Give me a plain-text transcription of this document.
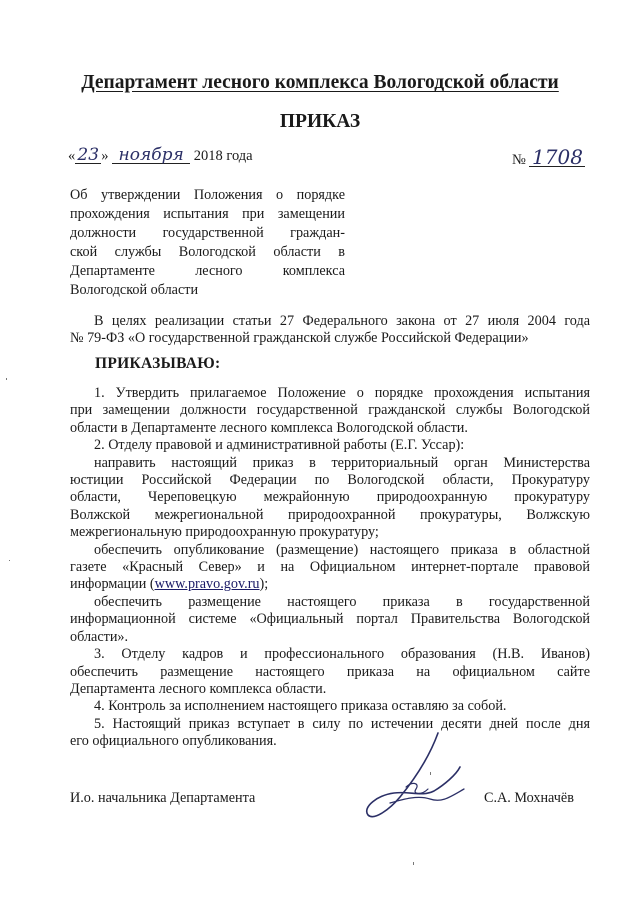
Департамент лесного комплекса Вологодской области
ПРИКАЗ
« 23 » ноября 2018 года	№ 1708
Об утверждении Положения о порядке
прохождения испытания при замещении
должности государственной граждан-
ской службы Вологодской области в
Департаменте лесного комплекса
Вологодской области
В целях реализации статьи 27 Федерального закона от 27 июля 2004 года
№ 79-ФЗ «О государственной гражданской службе Российской Федерации»
ПРИКАЗЫВАЮ:
1. Утвердить прилагаемое Положение о порядке прохождения испытания
при замещении должности государственной гражданской службы Вологодской
области в Департаменте лесного комплекса Вологодской области.
2. Отделу правовой и административной работы (Е.Г. Уссар):
направить настоящий приказ в территориальный орган Министерства
юстиции Российской Федерации по Вологодской области, Прокуратуру
области, Череповецкую межрайонную природоохранную прокуратуру
Волжской межрегиональной природоохранной прокуратуры, Волжскую
межрегиональную природоохранную прокуратуру;
обеспечить опубликование (размещение) настоящего приказа в областной
газете «Красный Север» и на Официальном интернет-портале правовой
информации (www.pravo.gov.ru);
обеспечить размещение настоящего приказа в государственной
информационной системе «Официальный портал Правительства Вологодской
области».
3. Отделу кадров и профессионального образования (Н.В. Иванов)
обеспечить размещение настоящего приказа на официальном сайте
Департамента лесного комплекса области.
4. Контроль за исполнением настоящего приказа оставляю за собой.
5. Настоящий приказ вступает в силу по истечении десяти дней после дня
его официального опубликования.
И.о. начальника Департамента	С.А. Мохначёв
